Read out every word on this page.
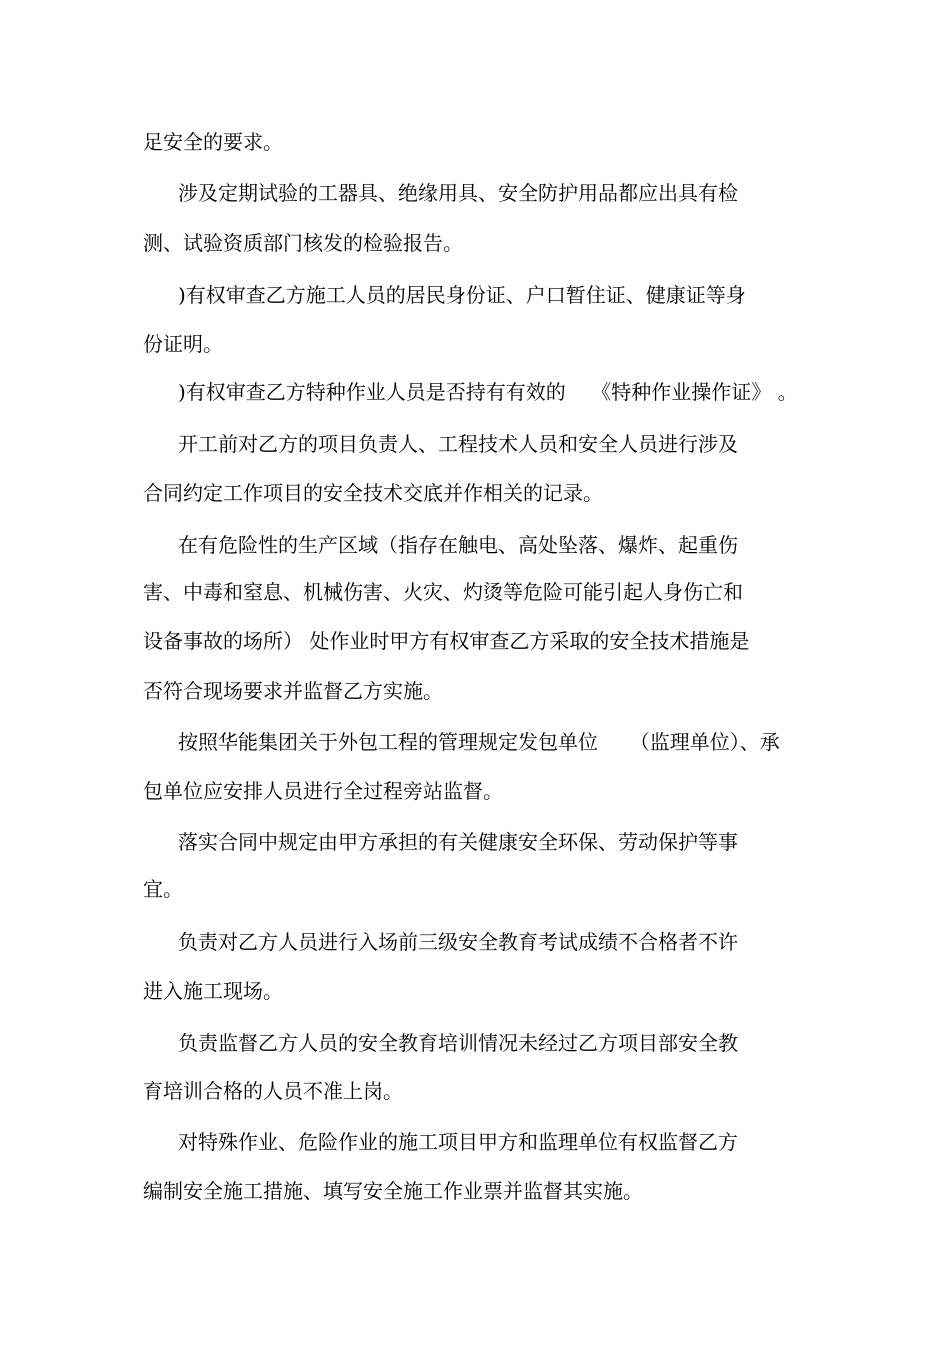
足安全的要求。
涉及定期试验的工器具、绝缘用具、安全防护用品都应出具有检
测、试验资质部门核发的检验报告。
)有权审查乙方施工人员的居民身份证、户口暂住证、健康证等身
份证明。
)有权审查乙方特种作业人员是否持有有效的    《特种作业操作证》 。
开工前对乙方的项目负责人、工程技术人员和安全人员进行涉及
合同约定工作项目的安全技术交底并作相关的记录。
在有危险性的生产区域（指存在触电、高处坠落、爆炸、起重伤
害、中毒和窒息、机械伤害、火灾、灼烫等危险可能引起人身伤亡和
设备事故的场所） 处作业时甲方有权审查乙方采取的安全技术措施是
否符合现场要求并监督乙方实施。
按照华能集团关于外包工程的管理规定发包单位     （监理单位）、承
包单位应安排人员进行全过程旁站监督。
落实合同中规定由甲方承担的有关健康安全环保、劳动保护等事
宜。
负责对乙方人员进行入场前三级安全教育考试成绩不合格者不许
进入施工现场。
负责监督乙方人员的安全教育培训情况未经过乙方项目部安全教
育培训合格的人员不准上岗。
对特殊作业、危险作业的施工项目甲方和监理单位有权监督乙方
编制安全施工措施、填写安全施工作业票并监督其实施。
